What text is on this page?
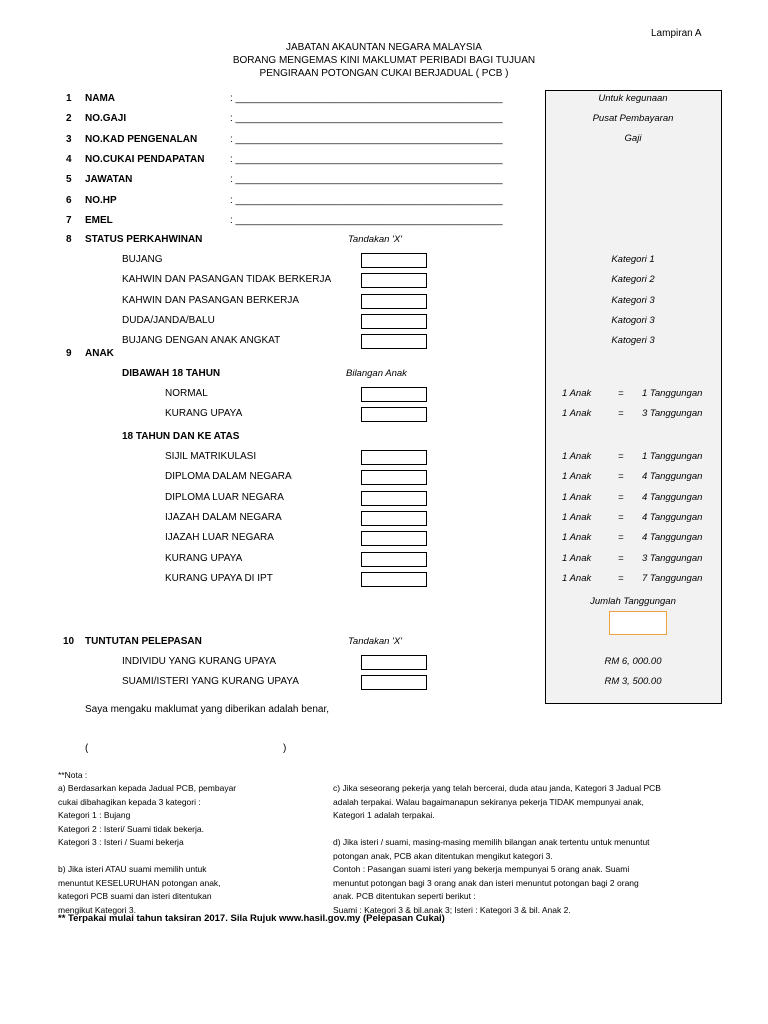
Untuk kegunaan
Pusat Pembayaran
Gaji
Lampiran A
JABATAN AKAUNTAN NEGARA MALAYSIA
BORANG MENGEMAS KINI MAKLUMAT PERIBADI BAGI TUJUAN
PENGIRAAN POTONGAN CUKAI BERJADUAL ( PCB )
1 NAMA	: ________________________________________________
2 NO.GAJI	: ________________________________________________
3 NO.KAD PENGENALAN	: ________________________________________________
4 NO.CUKAI PENDAPATAN	: ________________________________________________
5 JAWATAN	: ________________________________________________
6 NO.HP	: ________________________________________________
7 EMEL	: ________________________________________________
8 STATUS PERKAHWINAN	Tandakan 'X'
BUJANG	Kategori 1
KAHWIN DAN PASANGAN TIDAK BERKERJA	Kategori 2
KAHWIN DAN PASANGAN BERKERJA	Kategori 3
DUDA/JANDA/BALU	Katogori 3
BUJANG DENGAN ANAK ANGKAT	Katogeri 3
9 ANAK
DIBAWAH 18 TAHUN	Bilangan Anak
NORMAL	1 Anak	= 1 Tanggungan
KURANG UPAYA	1 Anak	= 3 Tanggungan
18 TAHUN DAN KE ATAS
SIJIL MATRIKULASI	1 Anak	= 1 Tanggungan
DIPLOMA DALAM NEGARA	1 Anak	= 4 Tanggungan
DIPLOMA LUAR NEGARA	1 Anak	= 4 Tanggungan
IJAZAH DALAM NEGARA	1 Anak	= 4 Tanggungan
IJAZAH LUAR NEGARA	1 Anak	= 4 Tanggungan
KURANG UPAYA	1 Anak	= 3 Tanggungan
KURANG UPAYA DI IPT	1 Anak	= 7 Tanggungan
Jumlah Tanggungan
10 TUNTUTAN PELEPASAN	Tandakan 'X'
INDIVIDU YANG KURANG UPAYA	RM 6, 000.00
SUAMI/ISTERI YANG KURANG UPAYA	RM 3, 500.00
Saya mengaku maklumat yang diberikan adalah benar,
(	)
**Nota :
a) Berdasarkan kepada Jadual PCB, pembayar
cukai dibahagikan kepada 3 kategori :
Kategori 1 : Bujang
Kategori 2 : Isteri/ Suami tidak bekerja.
Kategori 3 : Isteri / Suami bekerja
b) Jika isteri ATAU suami memilih untuk
menuntut KESELURUHAN potongan anak,
kategori PCB suami dan isteri ditentukan
mengikut Kategori 3.
c) Jika seseorang pekerja yang telah bercerai, duda atau janda, Kategori 3 Jadual PCB
adalah terpakai. Walau bagaimanapun sekiranya pekerja TIDAK mempunyai anak,
Kategori 1 adalah terpakai.
d) Jika isteri / suami, masing-masing memilih bilangan anak tertentu untuk menuntut
potongan anak, PCB akan ditentukan mengikut kategori 3.
Contoh : Pasangan suami isteri yang bekerja mempunyai 5 orang anak. Suami
menuntut potongan bagi 3 orang anak dan isteri menuntut potongan bagi 2 orang
anak. PCB ditentukan seperti berikut :
Suami : Kategori 3 & bil.anak 3; Isteri : Kategori 3 & bil. Anak 2.
** Terpakai mulai tahun taksiran 2017. Sila Rujuk www.hasil.gov.my (Pelepasan Cukai)
